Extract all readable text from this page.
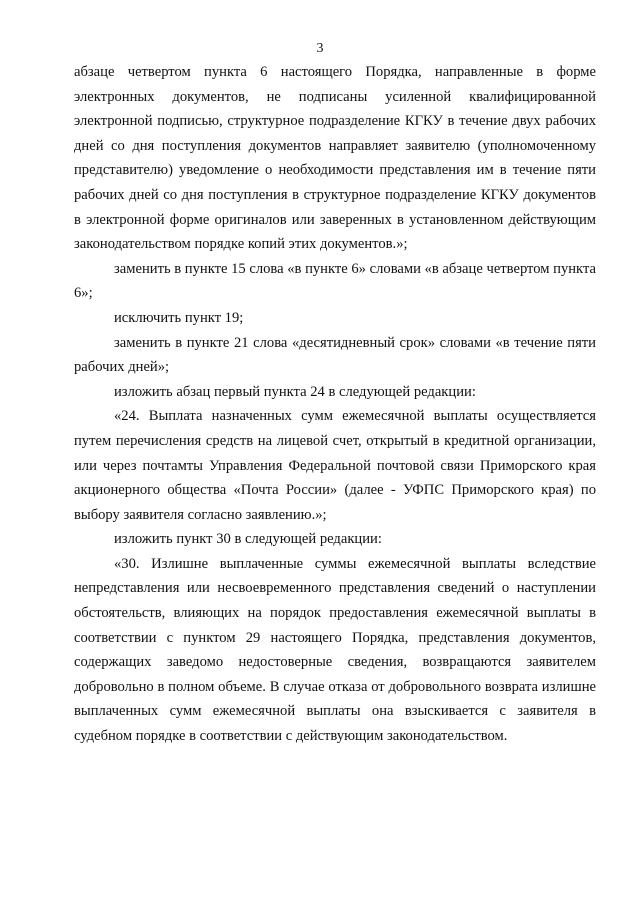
3

абзаце четвертом пункта 6 настоящего Порядка, направленные в форме электронных документов, не подписаны усиленной квалифицированной электронной подписью, структурное подразделение КГКУ в течение двух рабочих дней со дня поступления документов направляет заявителю (уполномоченному представителю) уведомление о необходимости представления им в течение пяти рабочих дней со дня поступления в структурное подразделение КГКУ документов в электронной форме оригиналов или заверенных в установленном действующим законодательством порядке копий этих документов.»;

заменить в пункте 15 слова «в пункте 6» словами «в абзаце четвертом пункта 6»;

исключить пункт 19;

заменить в пункте 21 слова «десятидневный срок» словами «в течение пяти рабочих дней»;

изложить абзац первый пункта 24 в следующей редакции:

«24. Выплата назначенных сумм ежемесячной выплаты осуществляется путем перечисления средств на лицевой счет, открытый в кредитной организации, или через почтамты Управления Федеральной почтовой связи Приморского края акционерного общества «Почта России» (далее - УФПС Приморского края) по выбору заявителя согласно заявлению.»;

изложить пункт 30 в следующей редакции:

«30. Излишне выплаченные суммы ежемесячной выплаты вследствие непредставления или несвоевременного представления сведений о наступлении обстоятельств, влияющих на порядок предоставления ежемесячной выплаты в соответствии с пунктом 29 настоящего Порядка, представления документов, содержащих заведомо недостоверные сведения, возвращаются заявителем добровольно в полном объеме. В случае отказа от добровольного возврата излишне выплаченных сумм ежемесячной выплаты она взыскивается с заявителя в судебном порядке в соответствии с действующим законодательством.
